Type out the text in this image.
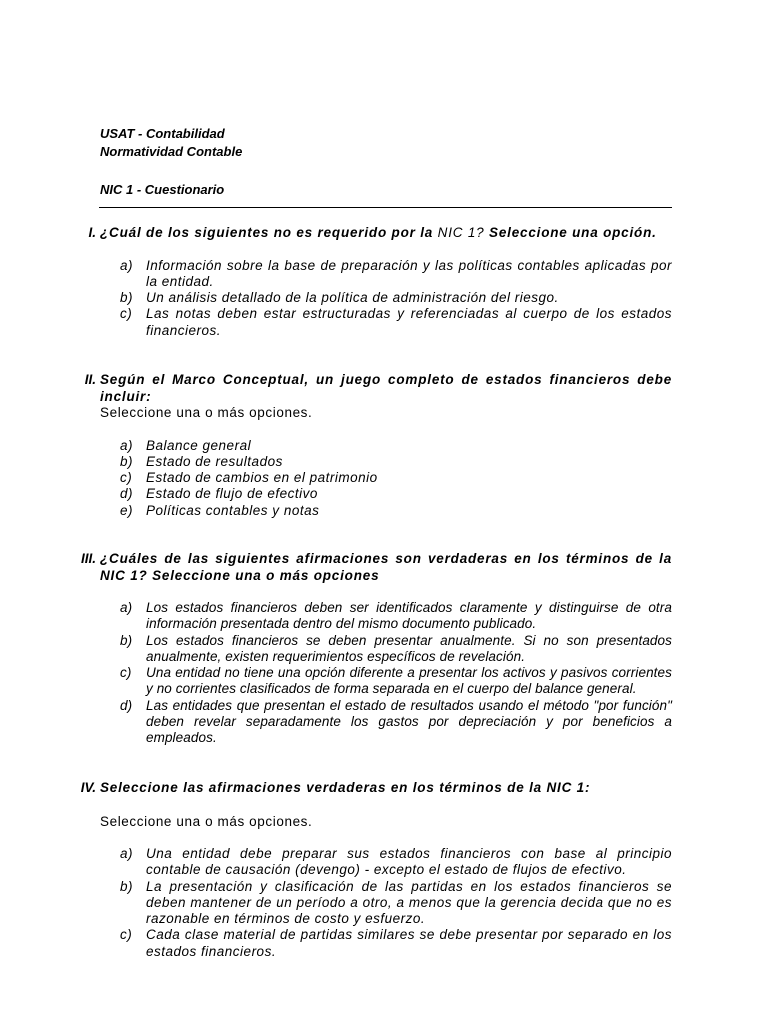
USAT - Contabilidad
Normatividad Contable
NIC 1 - Cuestionario
I. ¿Cuál de los siguientes no es requerido por la NIC 1? Seleccione una opción.
a) Información sobre la base de preparación y las políticas contables aplicadas por la entidad.
b) Un análisis detallado de la política de administración del riesgo.
c) Las notas deben estar estructuradas y referenciadas al cuerpo de los estados financieros.
II. Según el Marco Conceptual, un juego completo de estados financieros debe incluir:
Seleccione una o más opciones.
a) Balance general
b) Estado de resultados
c) Estado de cambios en el patrimonio
d) Estado de flujo de efectivo
e) Políticas contables y notas
III. ¿Cuáles de las siguientes afirmaciones son verdaderas en los términos de la NIC 1? Seleccione una o más opciones
a) Los estados financieros deben ser identificados claramente y distinguirse de otra información presentada dentro del mismo documento publicado.
b) Los estados financieros se deben presentar anualmente. Si no son presentados anualmente, existen requerimientos específicos de revelación.
c) Una entidad no tiene una opción diferente a presentar los activos y pasivos corrientes y no corrientes clasificados de forma separada en el cuerpo del balance general.
d) Las entidades que presentan el estado de resultados usando el método "por función" deben revelar separadamente los gastos por depreciación y por beneficios a empleados.
IV. Seleccione las afirmaciones verdaderas en los términos de la NIC 1:
Seleccione una o más opciones.
a) Una entidad debe preparar sus estados financieros con base al principio contable de causación (devengo) - excepto el estado de flujos de efectivo.
b) La presentación y clasificación de las partidas en los estados financieros se deben mantener de un período a otro, a menos que la gerencia decida que no es razonable en términos de costo y esfuerzo.
c) Cada clase material de partidas similares se debe presentar por separado en los estados financieros.
